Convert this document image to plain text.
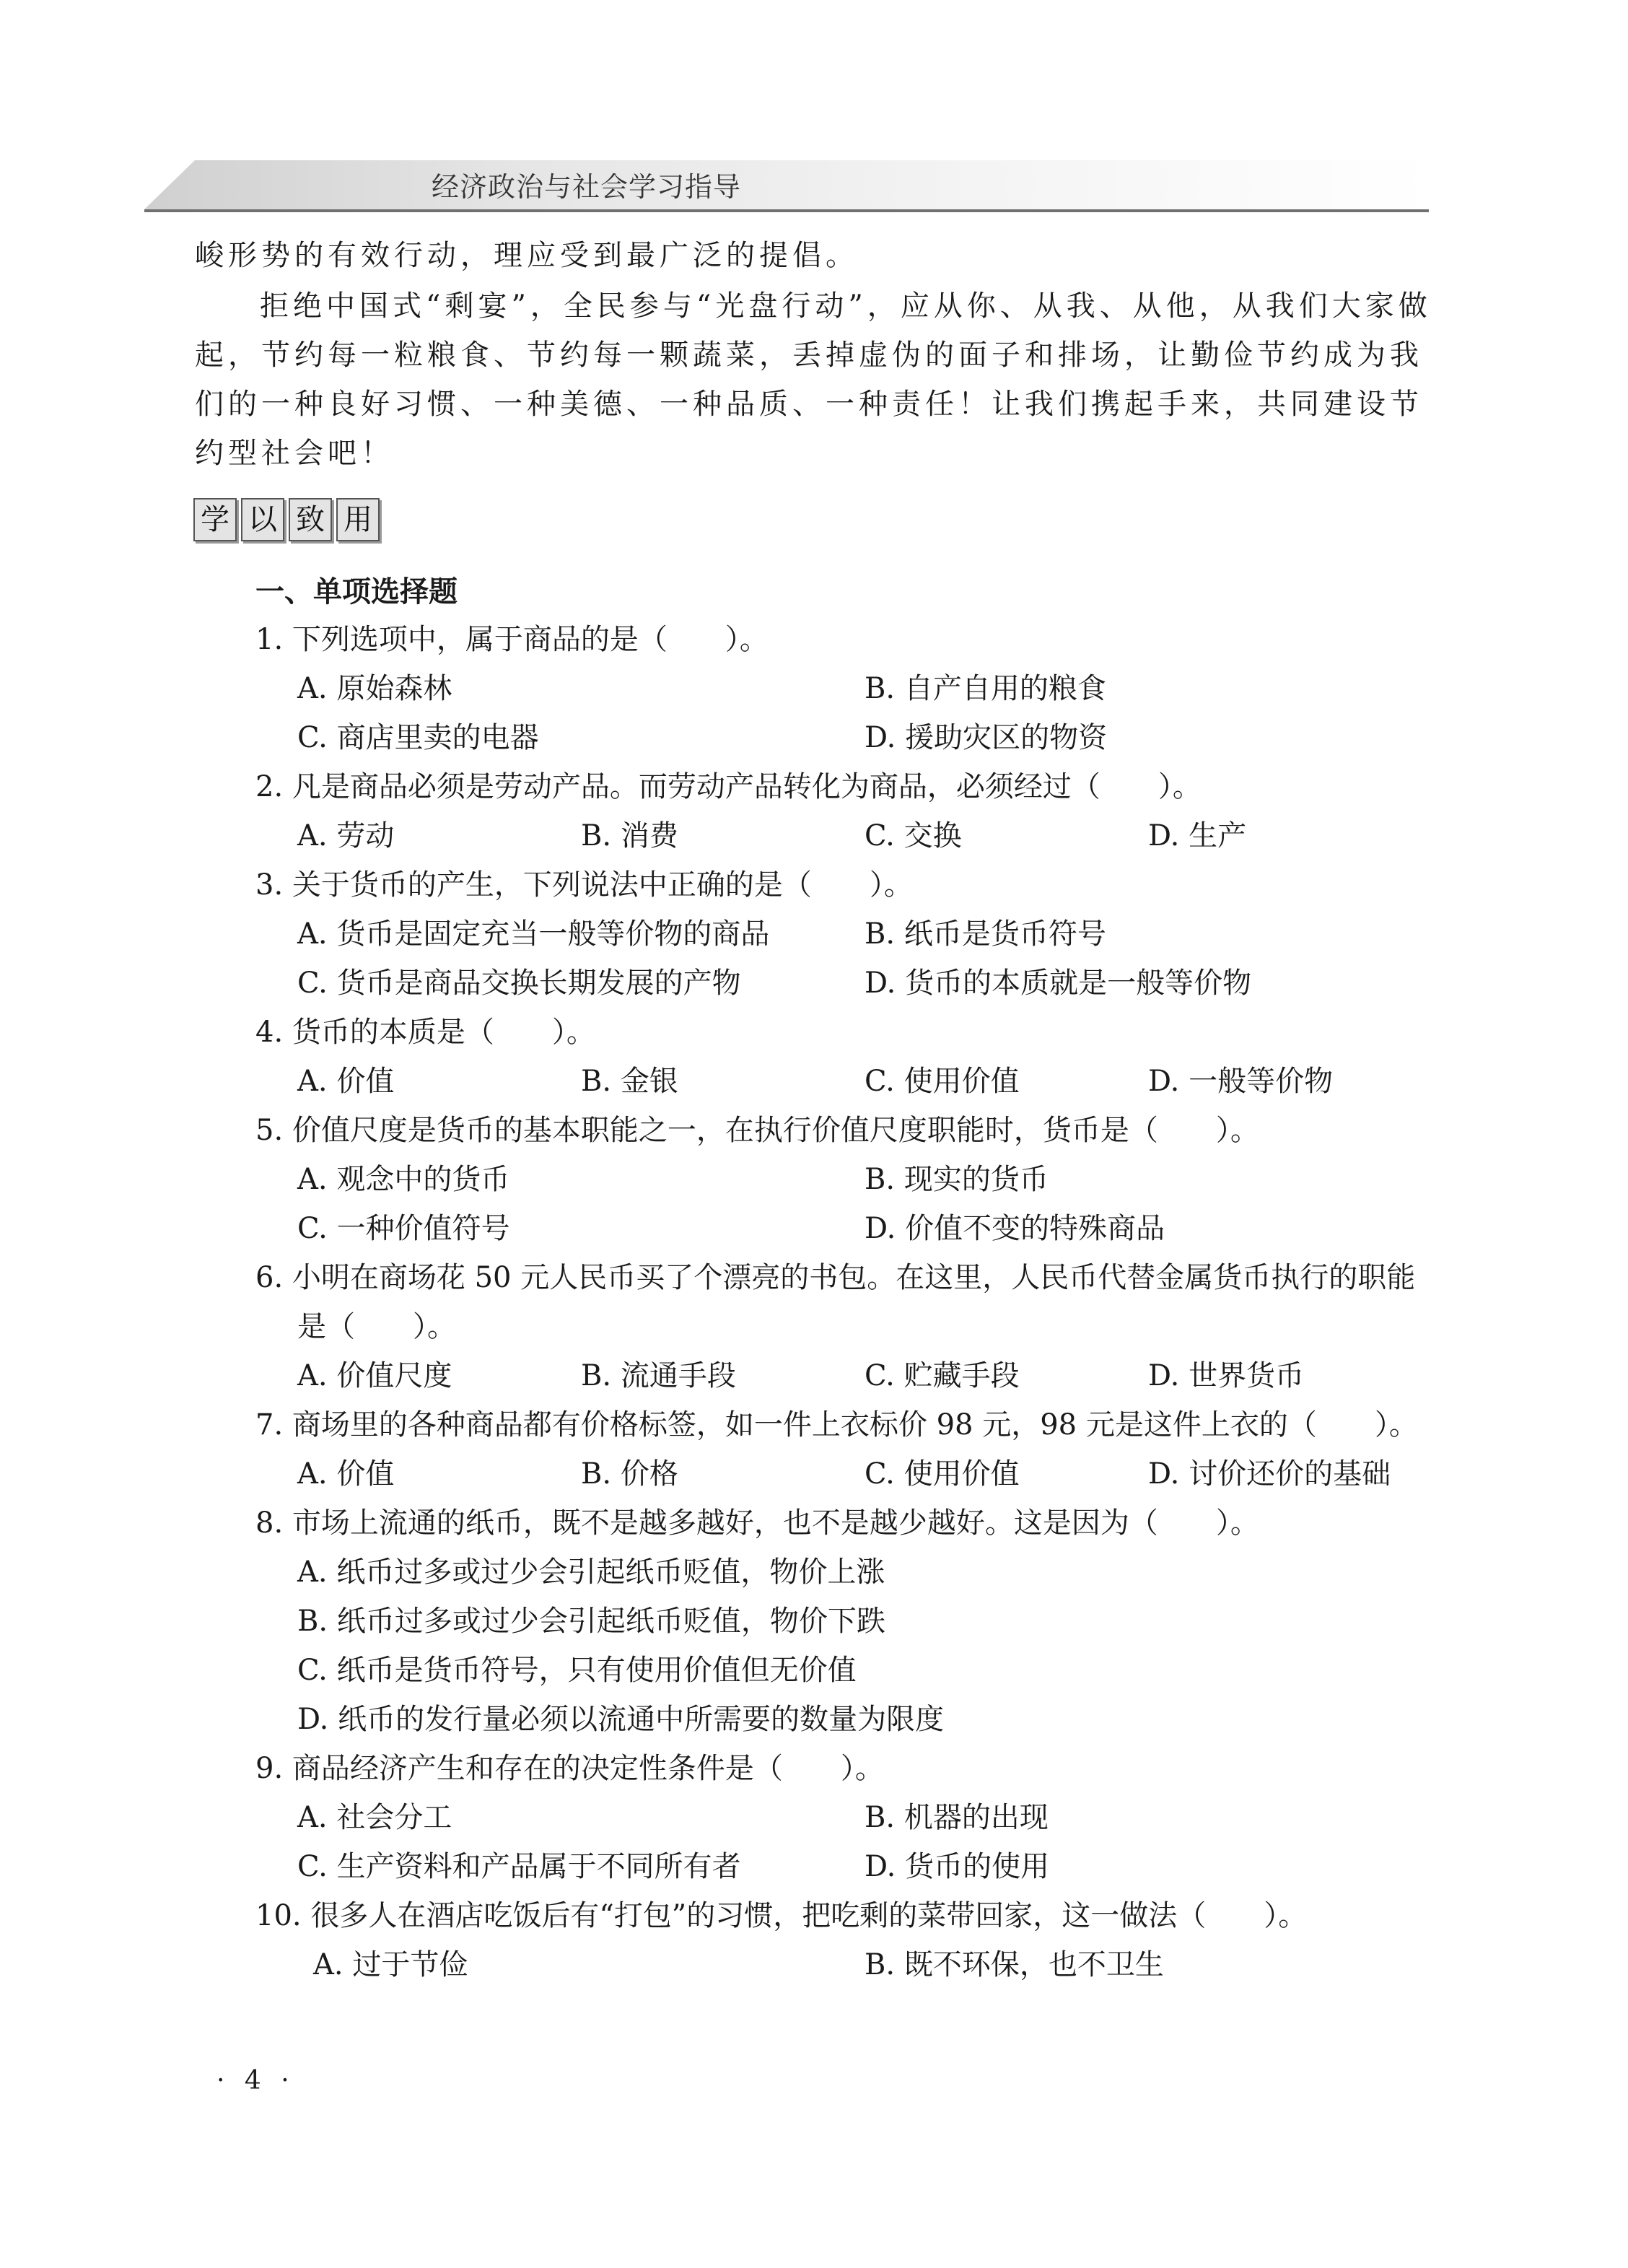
经济政治与社会学习指导
峻形势的有效行动，理应受到最广泛的提倡。
拒绝中国式“剩宴”，全民参与“光盘行动”，应从你、从我、从他，从我们大家做起，节约每一粒粮食、节约每一颗蔬菜，丢掉虚伪的面子和排场，让勤俭节约成为我们的一种良好习惯、一种美德、一种品质、一种责任！让我们携起手来，共同建设节约型社会吧！
学 以 致 用
一、单项选择题
1. 下列选项中，属于商品的是（　　）。
A. 原始森林	B. 自产自用的粮食
C. 商店里卖的电器	D. 援助灾区的物资
2. 凡是商品必须是劳动产品。而劳动产品转化为商品，必须经过（　　）。
A. 劳动	B. 消费	C. 交换	D. 生产
3. 关于货币的产生，下列说法中正确的是（　　）。
A. 货币是固定充当一般等价物的商品	B. 纸币是货币符号
C. 货币是商品交换长期发展的产物	D. 货币的本质就是一般等价物
4. 货币的本质是（　　）。
A. 价值	B. 金银	C. 使用价值	D. 一般等价物
5. 价值尺度是货币的基本职能之一，在执行价值尺度职能时，货币是（　　）。
A. 观念中的货币	B. 现实的货币
C. 一种价值符号	D. 价值不变的特殊商品
6. 小明在商场花 50 元人民币买了个漂亮的书包。在这里，人民币代替金属货币执行的职能是（　　）。
A. 价值尺度	B. 流通手段	C. 贮藏手段	D. 世界货币
7. 商场里的各种商品都有价格标签，如一件上衣标价 98 元，98 元是这件上衣的（　　）。
A. 价值	B. 价格	C. 使用价值	D. 讨价还价的基础
8. 市场上流通的纸币，既不是越多越好，也不是越少越好。这是因为（　　）。
A. 纸币过多或过少会引起纸币贬值，物价上涨
B. 纸币过多或过少会引起纸币贬值，物价下跌
C. 纸币是货币符号，只有使用价值但无价值
D. 纸币的发行量必须以流通中所需要的数量为限度
9. 商品经济产生和存在的决定性条件是（　　）。
A. 社会分工	B. 机器的出现
C. 生产资料和产品属于不同所有者	D. 货币的使用
10. 很多人在酒店吃饭后有“打包”的习惯，把吃剩的菜带回家，这一做法（　　）。
A. 过于节俭	B. 既不环保，也不卫生
· 4 ·
